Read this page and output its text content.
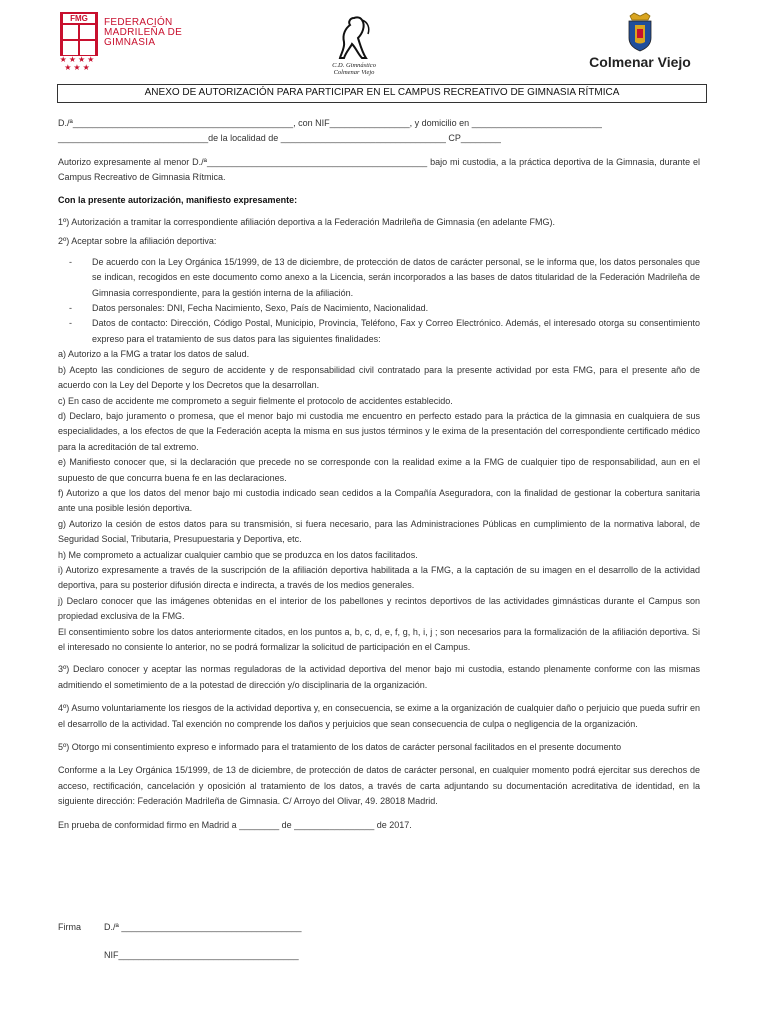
FMG	FEDERACIÓN
MADRILEÑA DE
GIMNASIA
★★★★ ★★★	C.D. Gimnástico
Colmenar Viejo
Colmenar Viejo
ANEXO DE AUTORIZACIÓN PARA PARTICIPAR EN EL CAMPUS RECREATIVO DE GIMNASIA RÍTMICA

D./ª____________________________________________, con NIF________________, y domicilio en __________________________

______________________________de la localidad de _________________________________ CP________

Autorizo expresamente al menor D./ª____________________________________________ bajo mi custodia, a la práctica deportiva de la Gimnasia, durante el Campus Recreativo de Gimnasia Rítmica.

Con la presente autorización, manifiesto expresamente:

1º) Autorización a tramitar la correspondiente afiliación deportiva a la Federación Madrileña de Gimnasia (en adelante FMG).

2º) Aceptar sobre la afiliación deportiva:

- De acuerdo con la Ley Orgánica 15/1999, de 13 de diciembre, de protección de datos de carácter personal, se le informa que, los datos personales que se indican, recogidos en este documento como anexo a la Licencia, serán incorporados a las bases de datos titularidad de la Federación Madrileña de Gimnasia correspondiente, para la gestión interna de la afiliación.

- Datos personales: DNI, Fecha Nacimiento, Sexo, País de Nacimiento, Nacionalidad.

- Datos de contacto: Dirección, Código Postal, Municipio, Provincia, Teléfono, Fax y Correo Electrónico. Además, el interesado otorga su consentimiento expreso para el tratamiento de sus datos para las siguientes finalidades:

a) Autorizo a la FMG a tratar los datos de salud.

b) Acepto las condiciones de seguro de accidente y de responsabilidad civil contratado para la presente actividad por esta FMG, para el presente año de acuerdo con la Ley del Deporte y los Decretos que la desarrollan.

c) En caso de accidente me comprometo a seguir fielmente el protocolo de accidentes establecido.

d) Declaro, bajo juramento o promesa, que el menor bajo mi custodia me encuentro en perfecto estado para la práctica de la gimnasia en cualquiera de sus especialidades, a los efectos de que la Federación acepta la misma en sus justos términos y le exima de la presentación del correspondiente certificado médico para la acreditación de tal extremo.

e) Manifiesto conocer que, si la declaración que precede no se corresponde con la realidad exime a la FMG de cualquier tipo de responsabilidad, aun en el supuesto de que concurra buena fe en las declaraciones.

f) Autorizo a que los datos del menor bajo mi custodia indicado sean cedidos a la Compañía Aseguradora, con la finalidad de gestionar la cobertura sanitaria ante una posible lesión deportiva.

g) Autorizo la cesión de estos datos para su transmisión, si fuera necesario, para las Administraciones Públicas en cumplimiento de la normativa laboral, de Seguridad Social, Tributaria, Presupuestaria y Deportiva, etc.

h) Me comprometo a actualizar cualquier cambio que se produzca en los datos facilitados.

i) Autorizo expresamente a través de la suscripción de la afiliación deportiva habilitada a la FMG, a la captación de su imagen en el desarrollo de la actividad deportiva, para su posterior difusión directa e indirecta, a través de los medios generales.

j) Declaro conocer que las imágenes obtenidas en el interior de los pabellones y recintos deportivos de las actividades gimnásticas durante el Campus son propiedad exclusiva de la FMG.

El consentimiento sobre los datos anteriormente citados, en los puntos a, b, c, d, e, f, g, h, i, j ; son necesarios para la formalización de la afiliación deportiva. Si el interesado no consiente lo anterior, no se podrá formalizar la solicitud de participación en el Campus.

3º) Declaro conocer y aceptar las normas reguladoras de la actividad deportiva del menor bajo mi custodia, estando plenamente conforme con las mismas admitiendo el sometimiento de a la potestad de dirección y/o disciplinaria de la organización.

4º) Asumo voluntariamente los riesgos de la actividad deportiva y, en consecuencia, se exime a la organización de cualquier daño o perjuicio que pueda sufrir en el desarrollo de la actividad. Tal exención no comprende los daños y perjuicios que sean consecuencia de culpa o negligencia de la organización.

5º) Otorgo mi consentimiento expreso e informado para el tratamiento de los datos de carácter personal facilitados en el presente documento

Conforme a la Ley Orgánica 15/1999, de 13 de diciembre, de protección de datos de carácter personal, en cualquier momento podrá ejercitar sus derechos de acceso, rectificación, cancelación y oposición al tratamiento de los datos, a través de carta adjuntando su documentación acreditativa de identidad, en la siguiente dirección: Federación Madrileña de Gimnasia. C/ Arroyo del Olivar, 49. 28018 Madrid.

En prueba de conformidad firmo en Madrid a ________ de ________________ de 2017.

Firma	D./ª ____________________________________
NIF____________________________________
